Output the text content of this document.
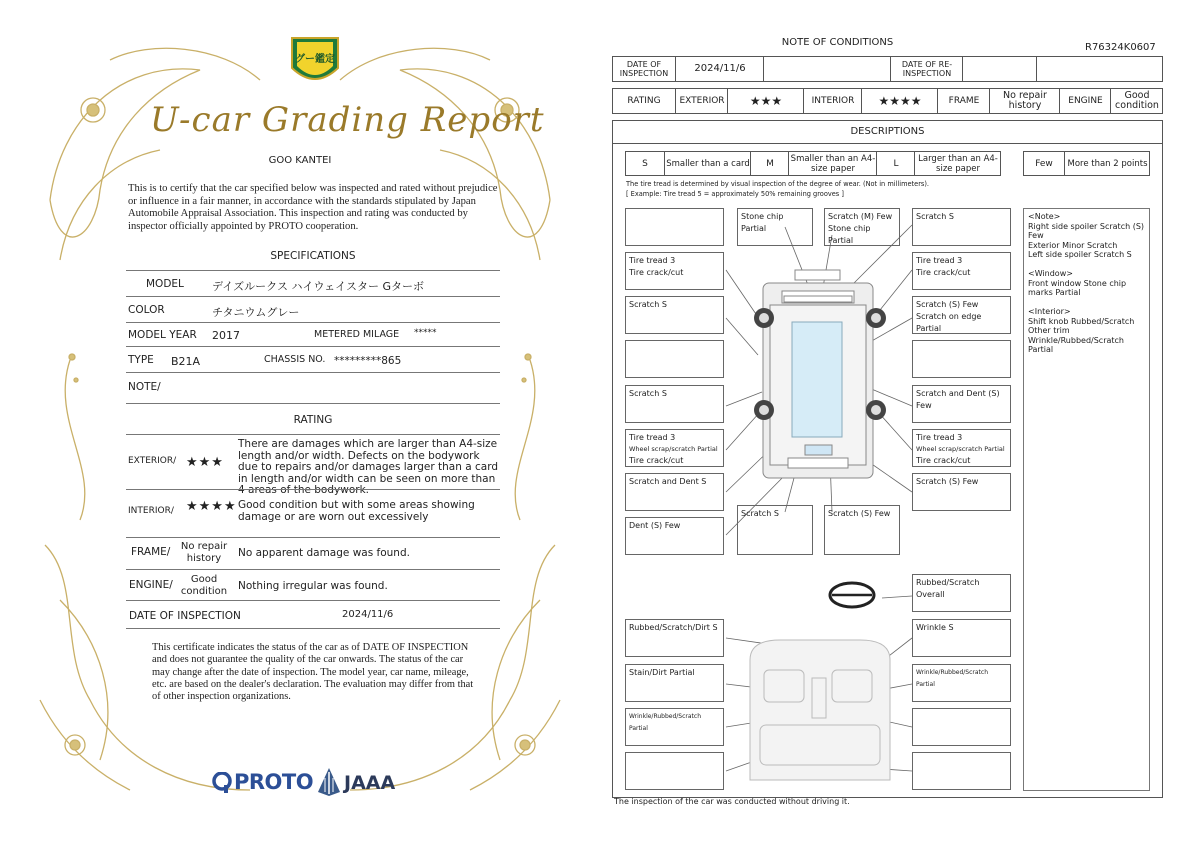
グー鑑定
U-car Grading Report
GOO KANTEI
This is to certify that the car specified below was inspected and rated without prejudice or influence in a fair manner, in accordance with the standards stipulated by Japan Automobile Appraisal Association. This inspection and rating was conducted by inspector officially appointed by PROTO cooperation.
SPECIFICATIONS
MODEL	デイズルークス ハイウェイスター Gターボ
COLOR	チタニウムグレー
MODEL YEAR 2017	METERED MILAGE *****
TYPE B21A	CHASSIS NO. *********865
NOTE/
RATING
EXTERIOR/ ★★★
There are damages which are larger than A4-size length and/or width. Defects on the bodywork due to repairs and/or damages larger than a card in length and/or width can be seen on more than 4 areas of the bodywork.
INTERIOR/ ★★★★ Good condition but with some areas showing damage or are worn out excessively
FRAME/	No repair history	No apparent damage was found.
ENGINE/	Good condition Nothing irregular was found.
DATE OF INSPECTION	2024/11/6
This certificate indicates the status of the car as of DATE OF INSPECTION and does not guarantee the quality of the car onwards. The status of the car may change after the date of inspection. The model year, car name, mileage, etc. are based on the dealer's declaration. The evaluation may differ from that of other inspection organizations.
PROTO JAAA
NOTE OF CONDITIONS	R76324K0607
DATE OF INSPECTION	2024/11/6	DATE OF RE-INSPECTION
RATING	EXTERIOR	★★★	INTERIOR	★★★★	FRAME	No repair history	ENGINE	Good condition
DESCRIPTIONS
S	Smaller than a card	M	Smaller than an A4-size paper	L	Larger than an A4-size paper	Few	More than 2 points
The tire tread is determined by visual inspection of the degree of wear. (Not in millimeters).
[ Example: Tire tread 5 = approximately 50% remaining grooves ]
Tire tread 3
Tire crack/cut
Scratch S
Scratch S
Tire tread 3
Wheel scrap/scratch Partial
Tire crack/cut
Scratch and Dent S
Dent (S) Few
Stone chip Partial
Scratch (M) Few
Stone chip Partial
Scratch S
Tire tread 3
Tire crack/cut
Scratch (S) Few
Scratch on edge Partial
Scratch and Dent (S) Few
Tire tread 3
Wheel scrap/scratch Partial
Tire crack/cut
Scratch (S) Few
Scratch S	Scratch (S) Few
Rubbed/Scratch Overall
Rubbed/Scratch/Dirt S	Wrinkle S
Stain/Dirt Partial	Wrinkle/Rubbed/Scratch Partial
Wrinkle/Rubbed/Scratch Partial
<Note>
Right side spoiler Scratch (S) Few
Exterior Minor Scratch
Left side spoiler Scratch S

<Window>
Front window Stone chip marks Partial

<Interior>
Shift knob Rubbed/Scratch
Other trim
Wrinkle/Rubbed/Scratch Partial
The inspection of the car was conducted without driving it.
